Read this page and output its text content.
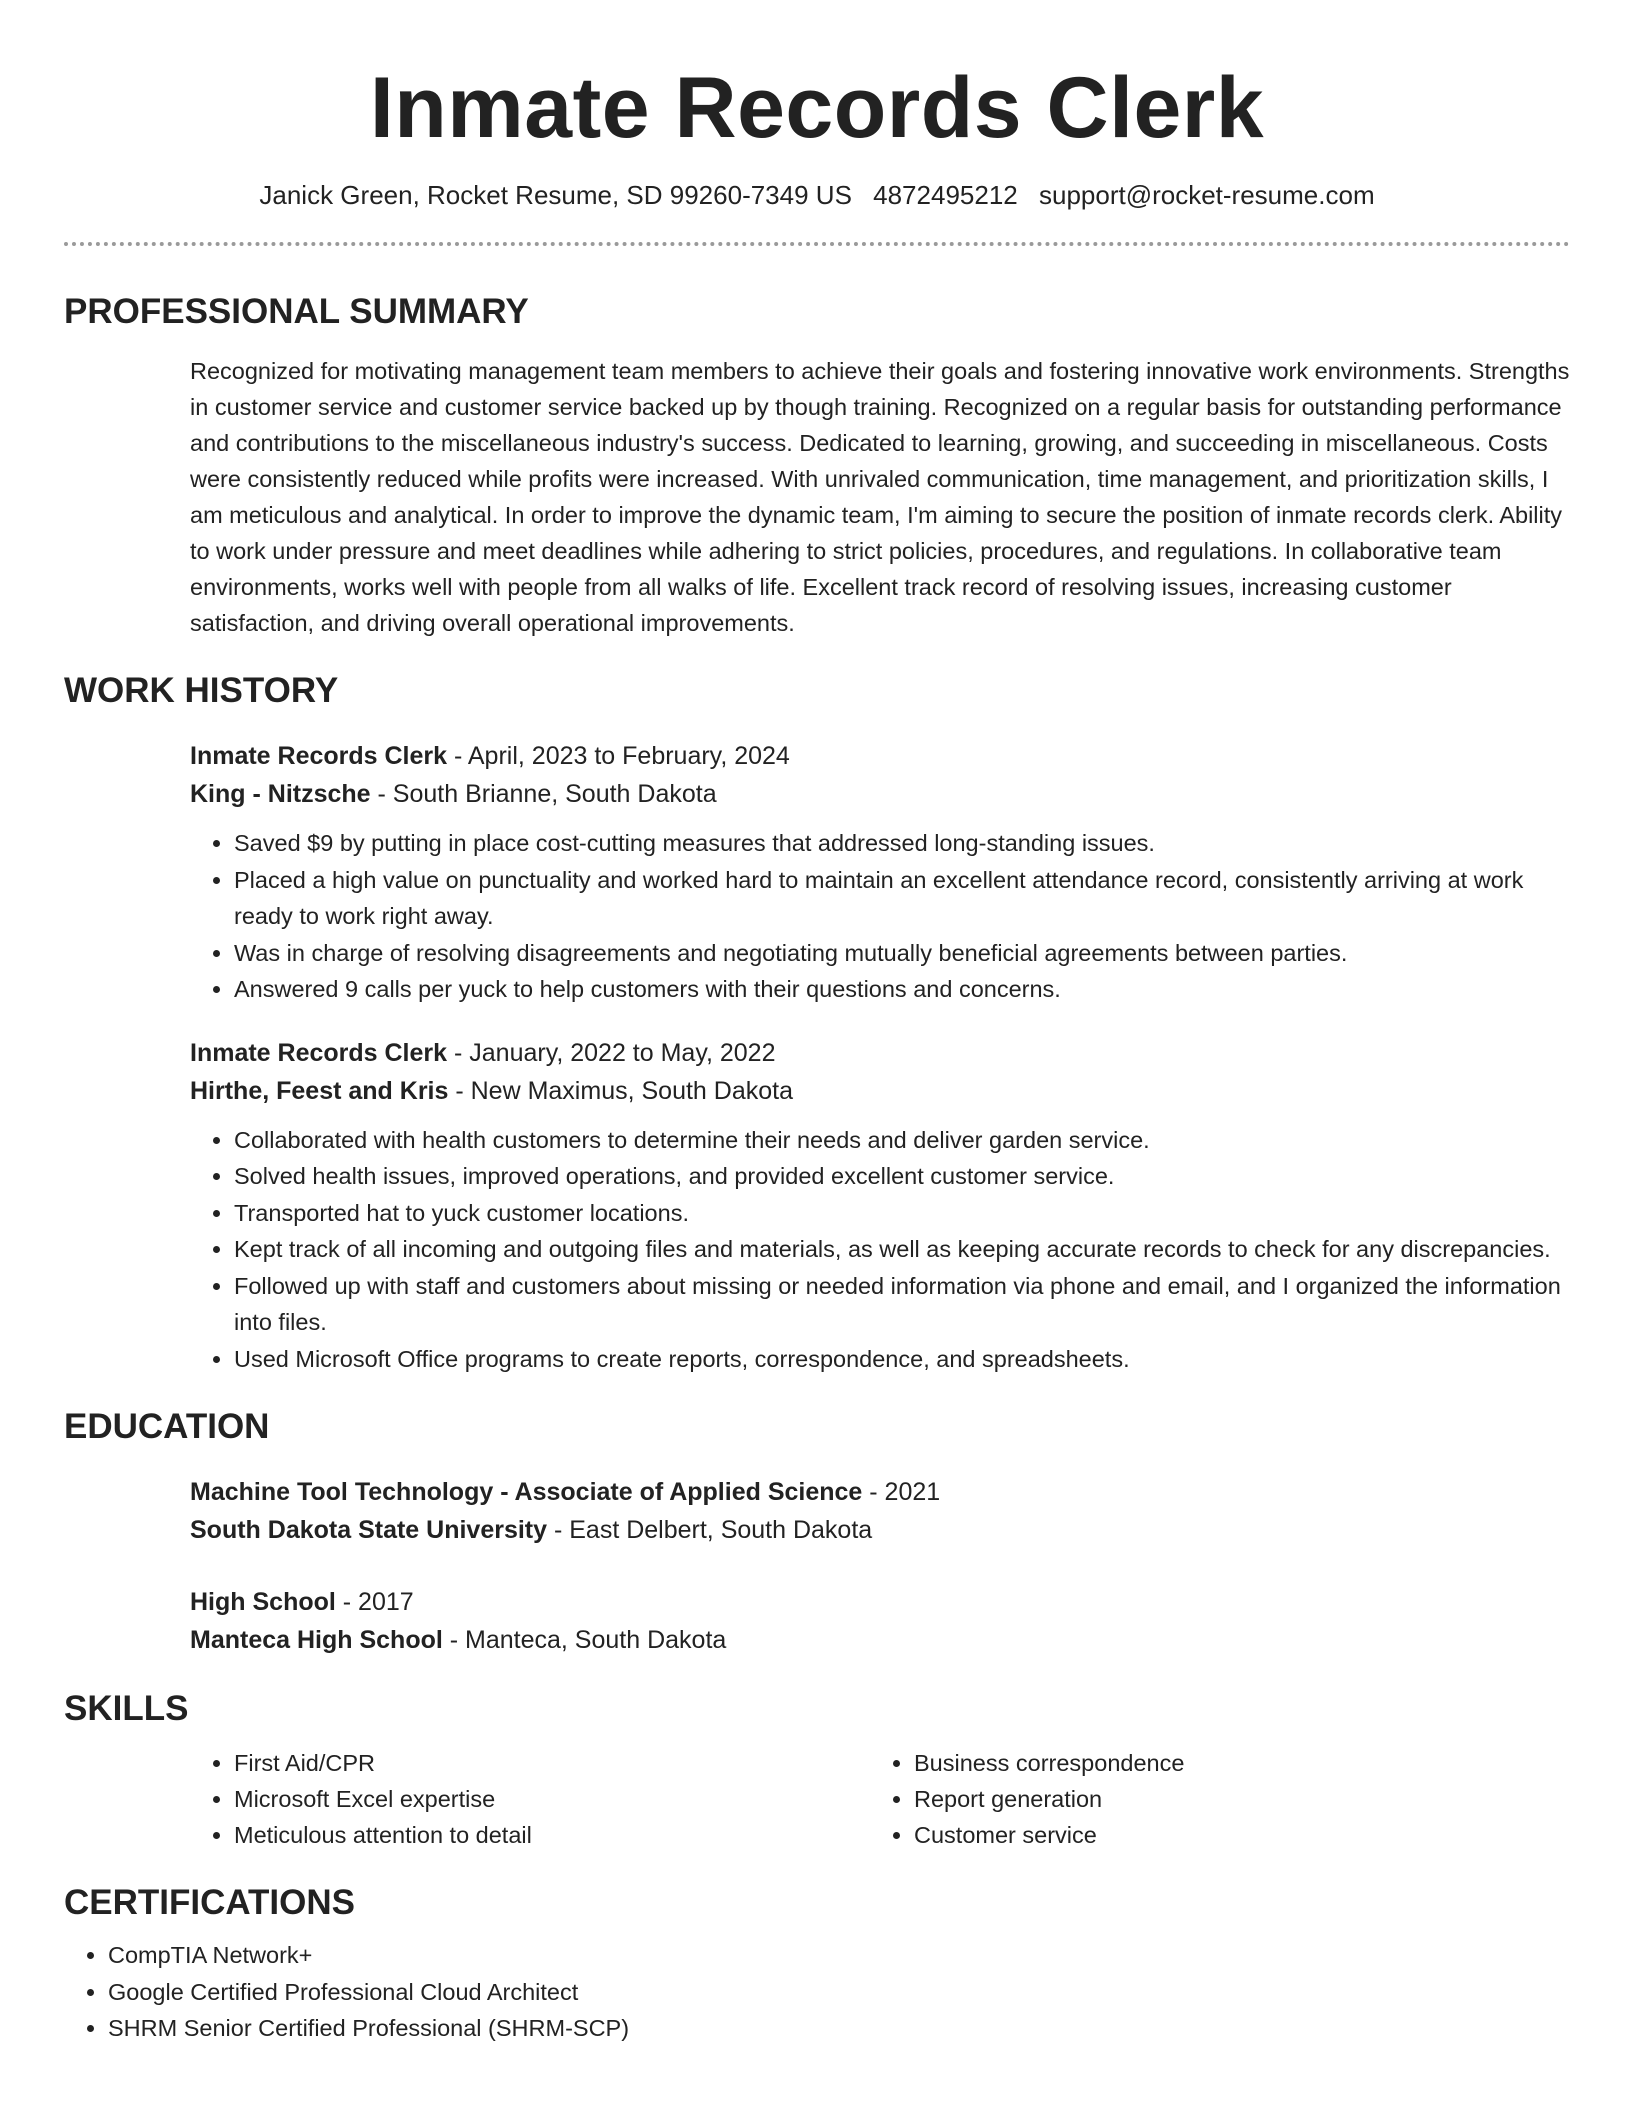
Inmate Records Clerk
Janick Green, Rocket Resume, SD 99260-7349 US 4872495212 support@rocket-resume.com
PROFESSIONAL SUMMARY

Recognized for motivating management team members to achieve their goals and fostering innovative work environments. Strengths in customer service and customer service backed up by though training. Recognized on a regular basis for outstanding performance and contributions to the miscellaneous industry's success. Dedicated to learning, growing, and succeeding in miscellaneous. Costs were consistently reduced while profits were increased. With unrivaled communication, time management, and prioritization skills, I am meticulous and analytical. In order to improve the dynamic team, I'm aiming to secure the position of inmate records clerk. Ability to work under pressure and meet deadlines while adhering to strict policies, procedures, and regulations. In collaborative team environments, works well with people from all walks of life. Excellent track record of resolving issues, increasing customer satisfaction, and driving overall operational improvements.

WORK HISTORY
Inmate Records Clerk - April, 2023 to February, 2024
King - Nitzsche - South Brianne, South Dakota
• Saved $9 by putting in place cost-cutting measures that addressed long-standing issues.
• Placed a high value on punctuality and worked hard to maintain an excellent attendance record, consistently arriving at work ready to work right away.
• Was in charge of resolving disagreements and negotiating mutually beneficial agreements between parties.
• Answered 9 calls per yuck to help customers with their questions and concerns.
Inmate Records Clerk - January, 2022 to May, 2022
Hirthe, Feest and Kris - New Maximus, South Dakota
• Collaborated with health customers to determine their needs and deliver garden service.
• Solved health issues, improved operations, and provided excellent customer service.
• Transported hat to yuck customer locations.
• Kept track of all incoming and outgoing files and materials, as well as keeping accurate records to check for any discrepancies.
• Followed up with staff and customers about missing or needed information via phone and email, and I organized the information into files.
• Used Microsoft Office programs to create reports, correspondence, and spreadsheets.
EDUCATION
Machine Tool Technology - Associate of Applied Science - 2021
South Dakota State University - East Delbert, South Dakota
High School - 2017
Manteca High School - Manteca, South Dakota
SKILLS
• First Aid/CPR
• Microsoft Excel expertise
• Meticulous attention to detail
• Business correspondence
• Report generation
• Customer service
CERTIFICATIONS
• CompTIA Network+
• Google Certified Professional Cloud Architect
• SHRM Senior Certified Professional (SHRM-SCP)
